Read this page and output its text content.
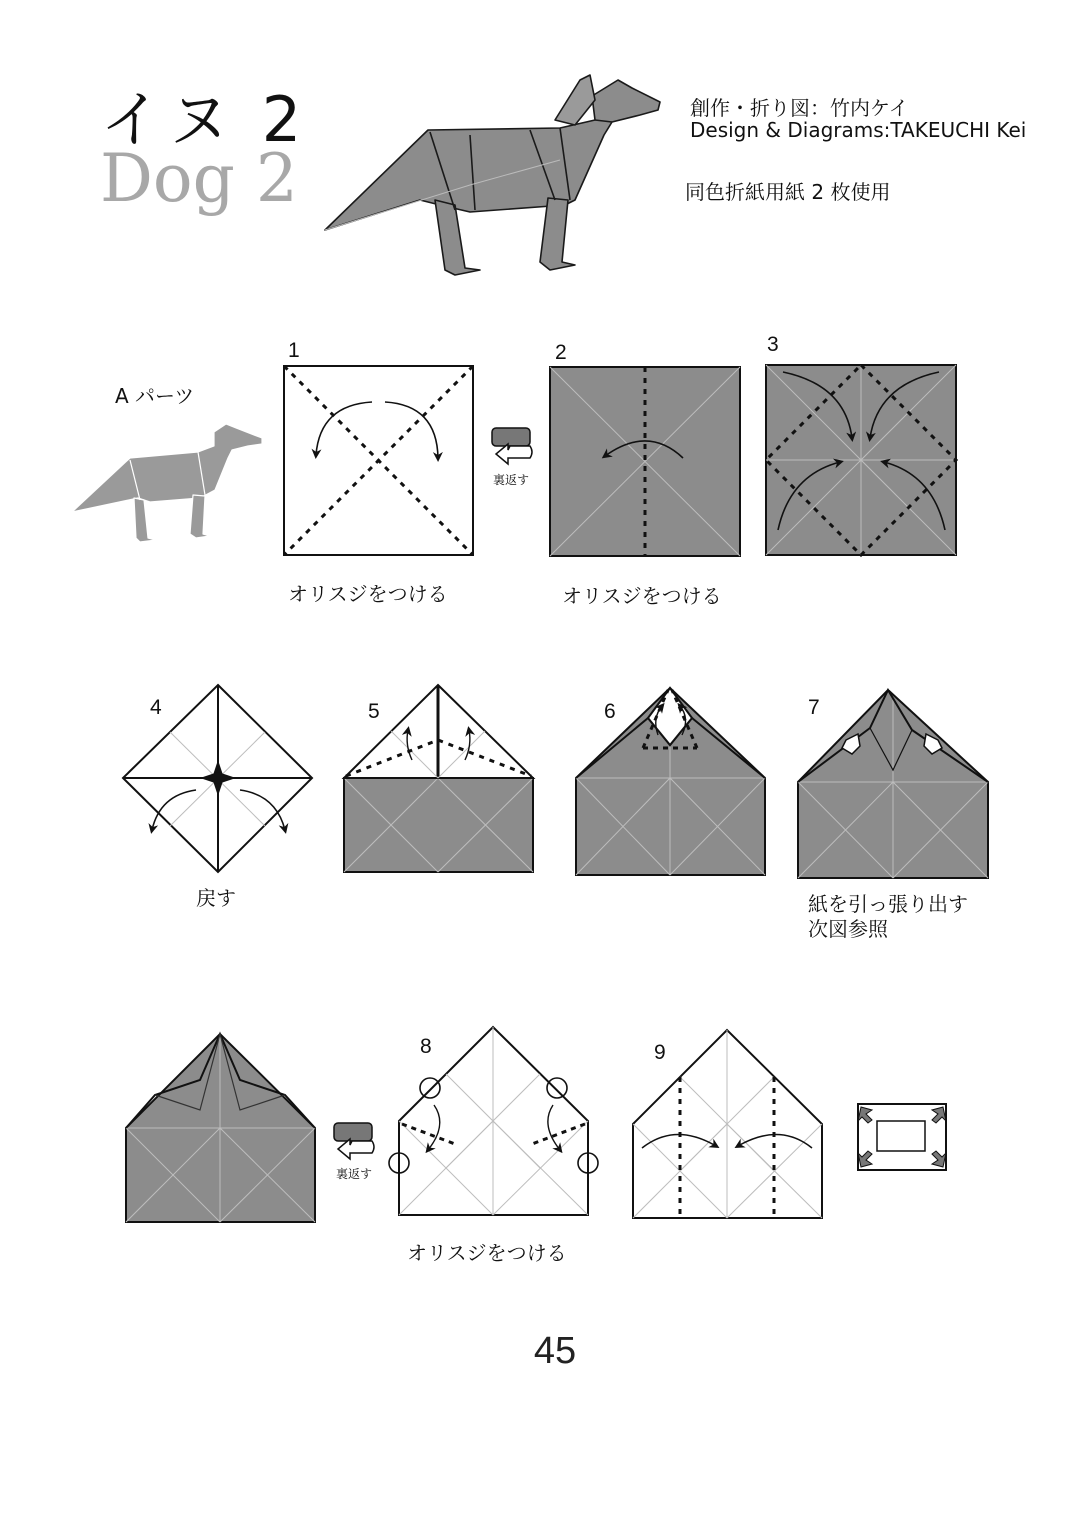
イヌ 2
Dog 2
創作・折り図：竹内ケイ
Design & Diagrams:TAKEUCHI Kei
同色折紙用紙 2 枚使用
A パーツ
1	2	3
4	5	6	7
8	9
オリスジをつける	オリスジをつける
戻す	紙を引っ張り出す
次図参照
オリスジをつける
裏返す
裏返す
45
